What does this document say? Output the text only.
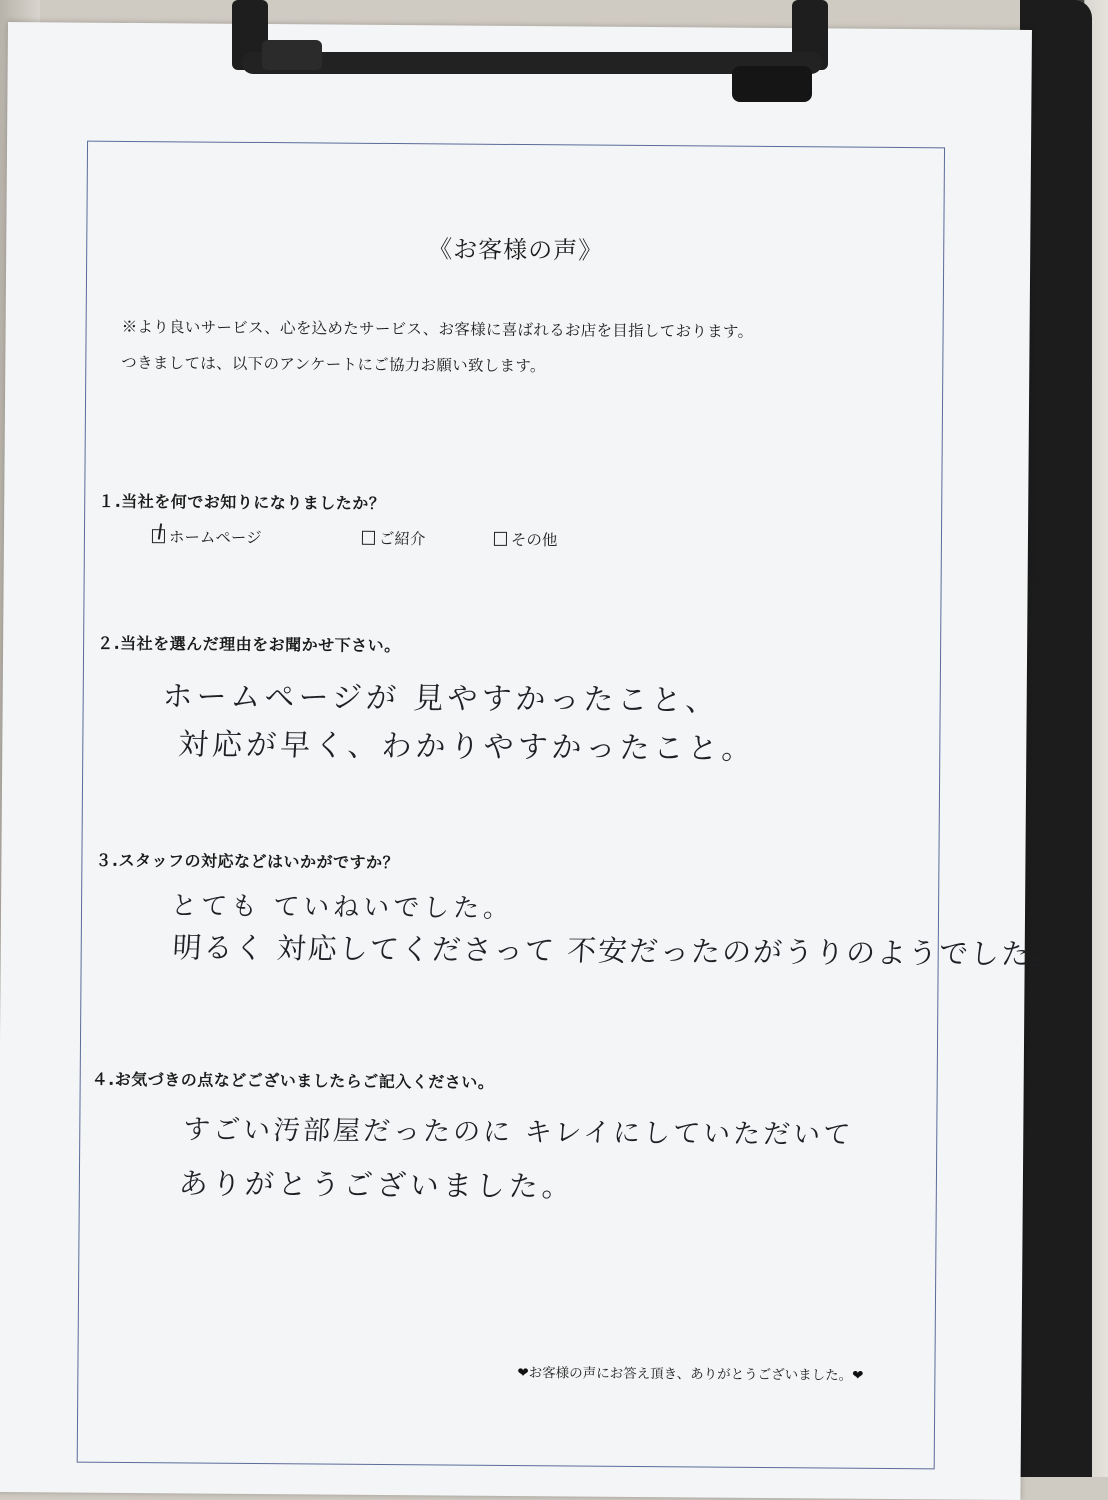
《お客様の声》
※より良いサービス、心を込めたサービス、お客様に喜ばれるお店を目指しております。
つきましては、以下のアンケートにご協力お願い致します。
１.当社を何でお知りになりましたか？
ホームページ	ご紹介	その他
２.当社を選んだ理由をお聞かせ下さい。
ホームページが 見やすかったこと、
対応が早く、わかりやすかったこと。
３.スタッフの対応などはいかがですか？
とても ていねいでした。
明るく 対応してくださって 不安だったのがうりのようでした。
４.お気づきの点などございましたらご記入ください。
すごい汚部屋だったのに キレイにしていただいて
ありがとうございました。
❤お客様の声にお答え頂き、ありがとうございました。❤
